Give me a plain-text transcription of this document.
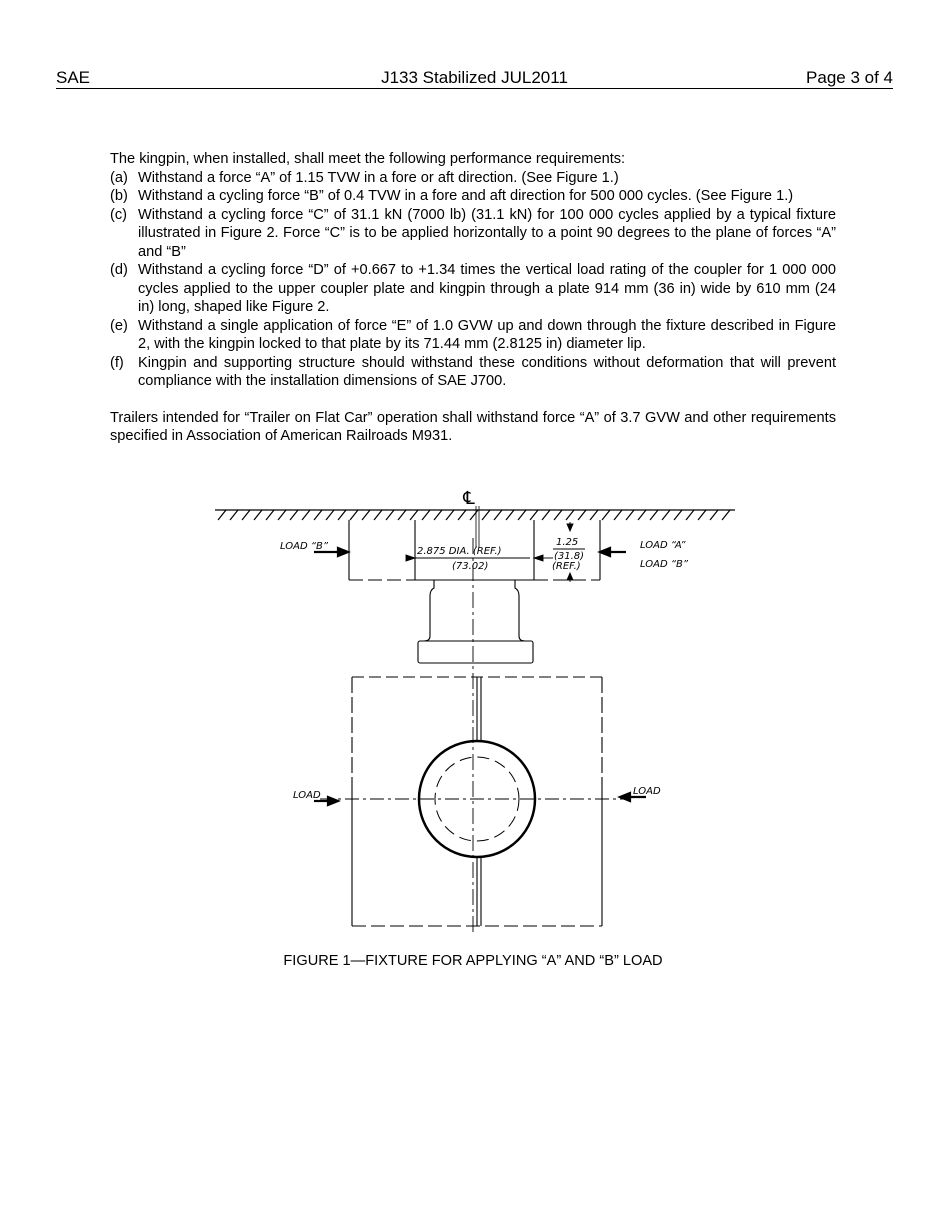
SAE	J133 Stabilized JUL2011	Page 3 of 4

The kingpin, when installed, shall meet the following performance requirements:

(a) Withstand a force “A” of 1.15 TVW in a fore or aft direction. (See Figure 1.)
(b) Withstand a cycling force “B” of 0.4 TVW in a fore and aft direction for 500 000 cycles. (See Figure 1.)
(c) Withstand a cycling force “C” of 31.1 kN (7000 lb) (31.1 kN) for 100 000 cycles applied by a typical fixture illustrated in Figure 2. Force “C” is to be applied horizontally to a point 90 degrees to the plane of forces “A” and “B”
(d) Withstand a cycling force “D” of +0.667 to +1.34 times the vertical load rating of the coupler for 1 000 000 cycles applied to the upper coupler plate and kingpin through a plate 914 mm (36 in) wide by 610 mm (24 in) long, shaped like Figure 2.
(e) Withstand a single application of force “E” of 1.0 GVW up and down through the fixture described in Figure 2, with the kingpin locked to that plate by its 71.44 mm (2.8125 in) diameter lip.
(f) Kingpin and supporting structure should withstand these conditions without deformation that will prevent compliance with the installation dimensions of SAE J700.

Trailers intended for “Trailer on Flat Car” operation shall withstand force “A” of 3.7 GVW and other requirements specified in Association of American Railroads M931.

℄
LOAD “B”	2.875 DIA. (REF.)
(73.02)
1.25
(31.8)
(REF.)
LOAD “A”
LOAD “B”
LOAD	LOAD
FIGURE 1—FIXTURE FOR APPLYING “A” AND “B” LOAD
